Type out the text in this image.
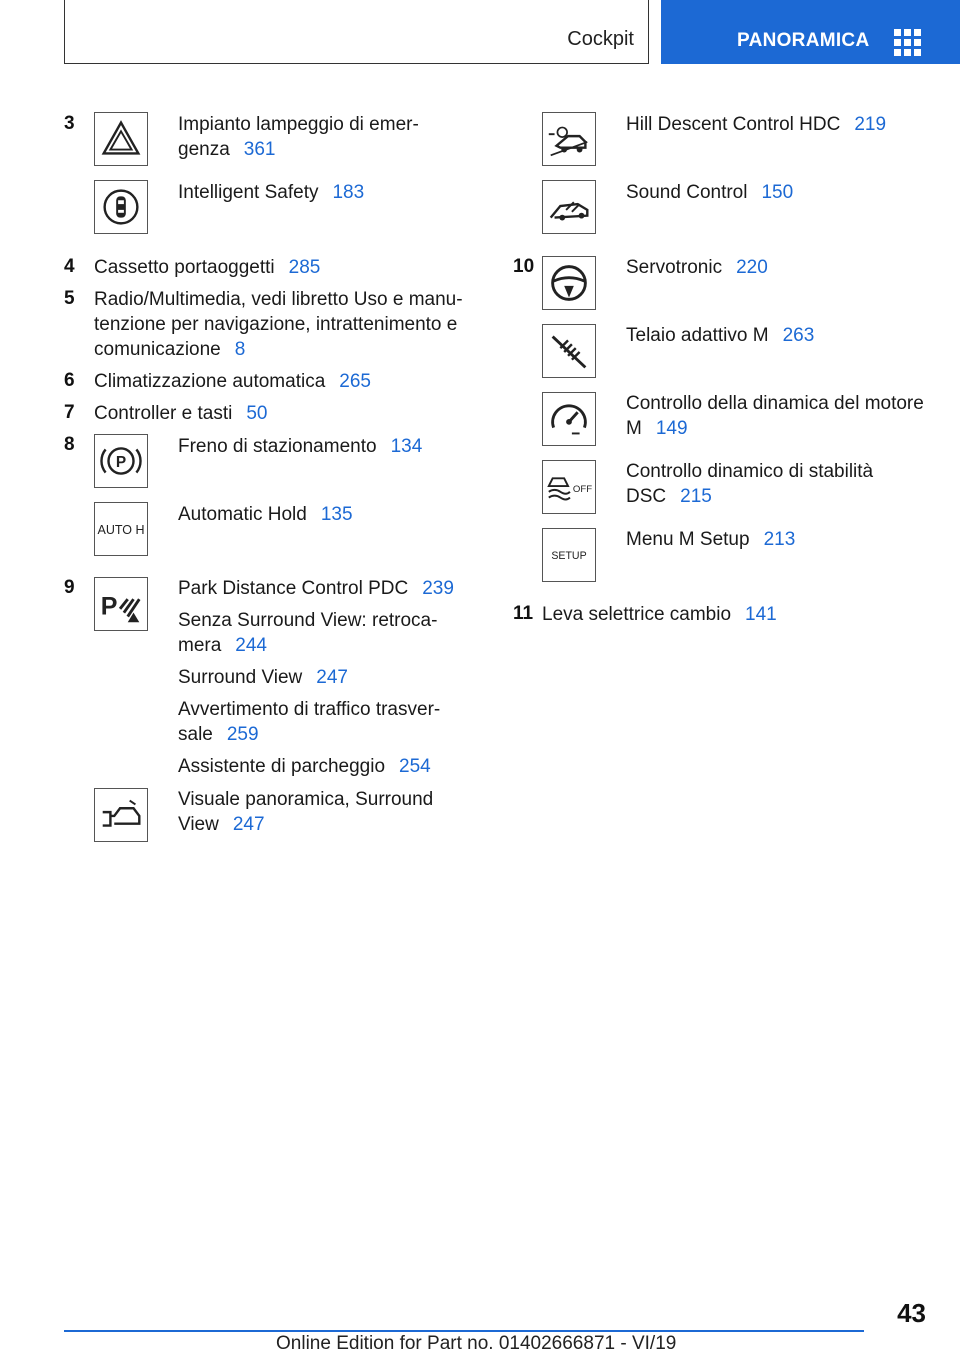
Cockpit	PANORAMICA
3	Impianto lampeggio di emer-
genza 361
Intelligent Safety 183
4 Cassetto portaoggetti 285
5 Radio/Multimedia, vedi libretto Uso e manu-
tenzione per navigazione, intrattenimento e
comunicazione 8
6 Climatizzazione automatica 265
7 Controller e tasti 50
8
P
Freno di stazionamento 134
AUTO H
Automatic Hold 135
9
P
Park Distance Control PDC 239
Senza Surround View: retroca-
mera 244
Surround View 247
Avvertimento di traffico trasver-
sale 259
Assistente di parcheggio 254
Visuale panoramica, Surround
View 247
Hill Descent Control HDC 219
Sound Control 150
10	Servotronic 220
Telaio adattivo M 263
Controllo della dinamica del motore
M 149
OFF
Controllo dinamico di stabilità
DSC 215
SETUP
Menu M Setup 213
11 Leva selettrice cambio 141
43
Online Edition for Part no. 01402666871 - VI/19
